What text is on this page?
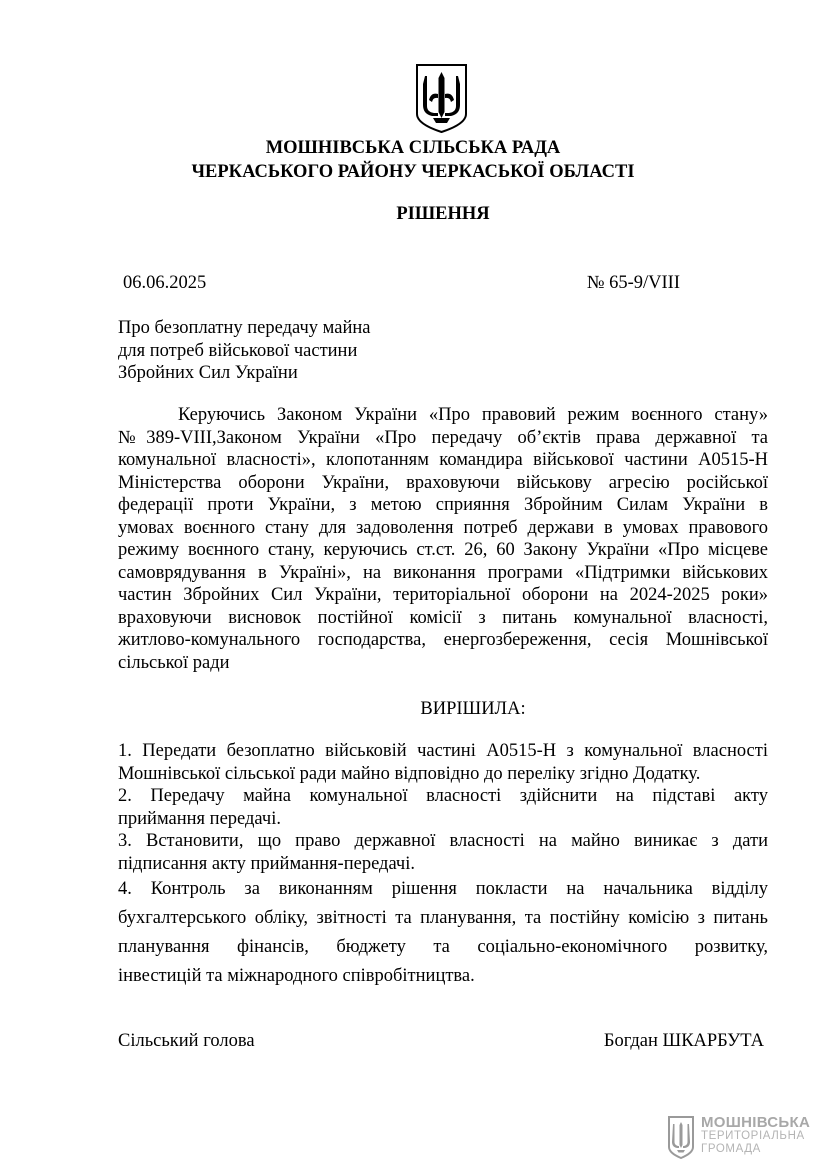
МОШНІВСЬКА СІЛЬСЬКА РАДА
ЧЕРКАСЬКОГО РАЙОНУ ЧЕРКАСЬКОЇ ОБЛАСТІ
РІШЕННЯ
06.06.2025	№ 65-9/VIII
Про безоплатну передачу майна
для потреб військової частини
Збройних Сил України
Керуючись Законом України «Про правовий режим воєнного стану»
№389-VIII,Законом України «Про передачу об’єктів права державної та
комунальної власності», клопотанням командира військової частини А0515-Н
Міністерства оборони України, враховуючи військову агресію російської
федерації проти України, з метою сприяння Збройним Силам України в
умовах воєнного стану для задоволення потреб держави в умовах правового
режиму воєнного стану, керуючись ст.ст. 26, 60 Закону України «Про місцеве
самоврядування в Україні», на виконання програми «Підтримки військових
частин Збройних Сил України, територіальної оборони на 2024-2025 роки»
враховуючи висновок постійної комісії з питань комунальної власності,
житлово-комунального господарства, енергозбереження, сесія Мошнівської
сільської ради
ВИРІШИЛА:
1. Передати безоплатно військовій частині А0515-Н з комунальної власності
Мошнівської сільської ради майно відповідно до переліку згідно Додатку.
2. Передачу майна комунальної власності здійснити на підставі акту
приймання передачі.
3. Встановити, що право державної власності на майно виникає з дати
підписання акту приймання-передачі.
4. Контроль за виконанням рішення покласти на начальника відділу
бухгалтерського обліку, звітності та планування, та постійну комісію з питань
планування фінансів, бюджету та соціально-економічного розвитку,
інвестицій та міжнародного співробітництва.
Сільський голова	Богдан ШКАРБУТА
МОШНІВСЬКА
ТЕРИТОРІАЛЬНА
ГРОМАДА
